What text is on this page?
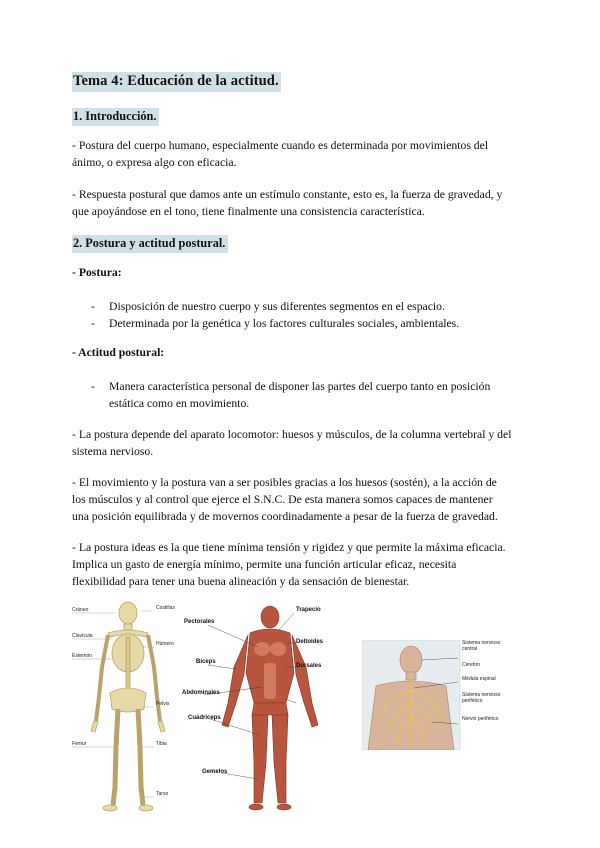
Tema 4: Educación de la actitud.
1. Introducción.
- Postura del cuerpo humano, especialmente cuando es determinada por movimientos del
ánimo, o expresa algo con eficacia.
- Respuesta postural que damos ante un estímulo constante, esto es, la fuerza de gravedad, y
que apoyándose en el tono, tiene finalmente una consistencia característica.
2. Postura y actitud postural.
- Postura:
- Disposición de nuestro cuerpo y sus diferentes segmentos en el espacio.
- Determinada por la genética y los factores culturales sociales, ambientales.
- Actitud postural:
- Manera característica personal de disponer las partes del cuerpo tanto en posición
estática como en movimiento.
- La postura depende del aparato locomotor: huesos y músculos, de la columna vertebral y del
sistema nervioso.
- El movimiento y la postura van a ser posibles gracias a los huesos (sostén), a la acción de
los músculos y al control que ejerce el S.N.C. De esta manera somos capaces de mantener
una posición equilibrada y de movernos coordinadamente a pesar de la fuerza de gravedad.
- La postura ideas es la que tiene mínima tensión y rigidez y que permite la máxima eficacia.
Implica un gasto de energía mínimo, permite una función articular eficaz, necesita
flexibilidad para tener una buena alineación y da sensación de bienestar.
Cráneo
Clavícula
Esternón
Costillas
Húmero
Pelvis
Fémur	Tibia
Tarso
Pectorales
Bíceps
Abdominales
Cuádriceps
Gemelos
Trapecio
Deltoides
Dorsales
Sistema nervioso central
Cerebro
Médula espinal
Sistema nervioso periférico
Nervio periférico
